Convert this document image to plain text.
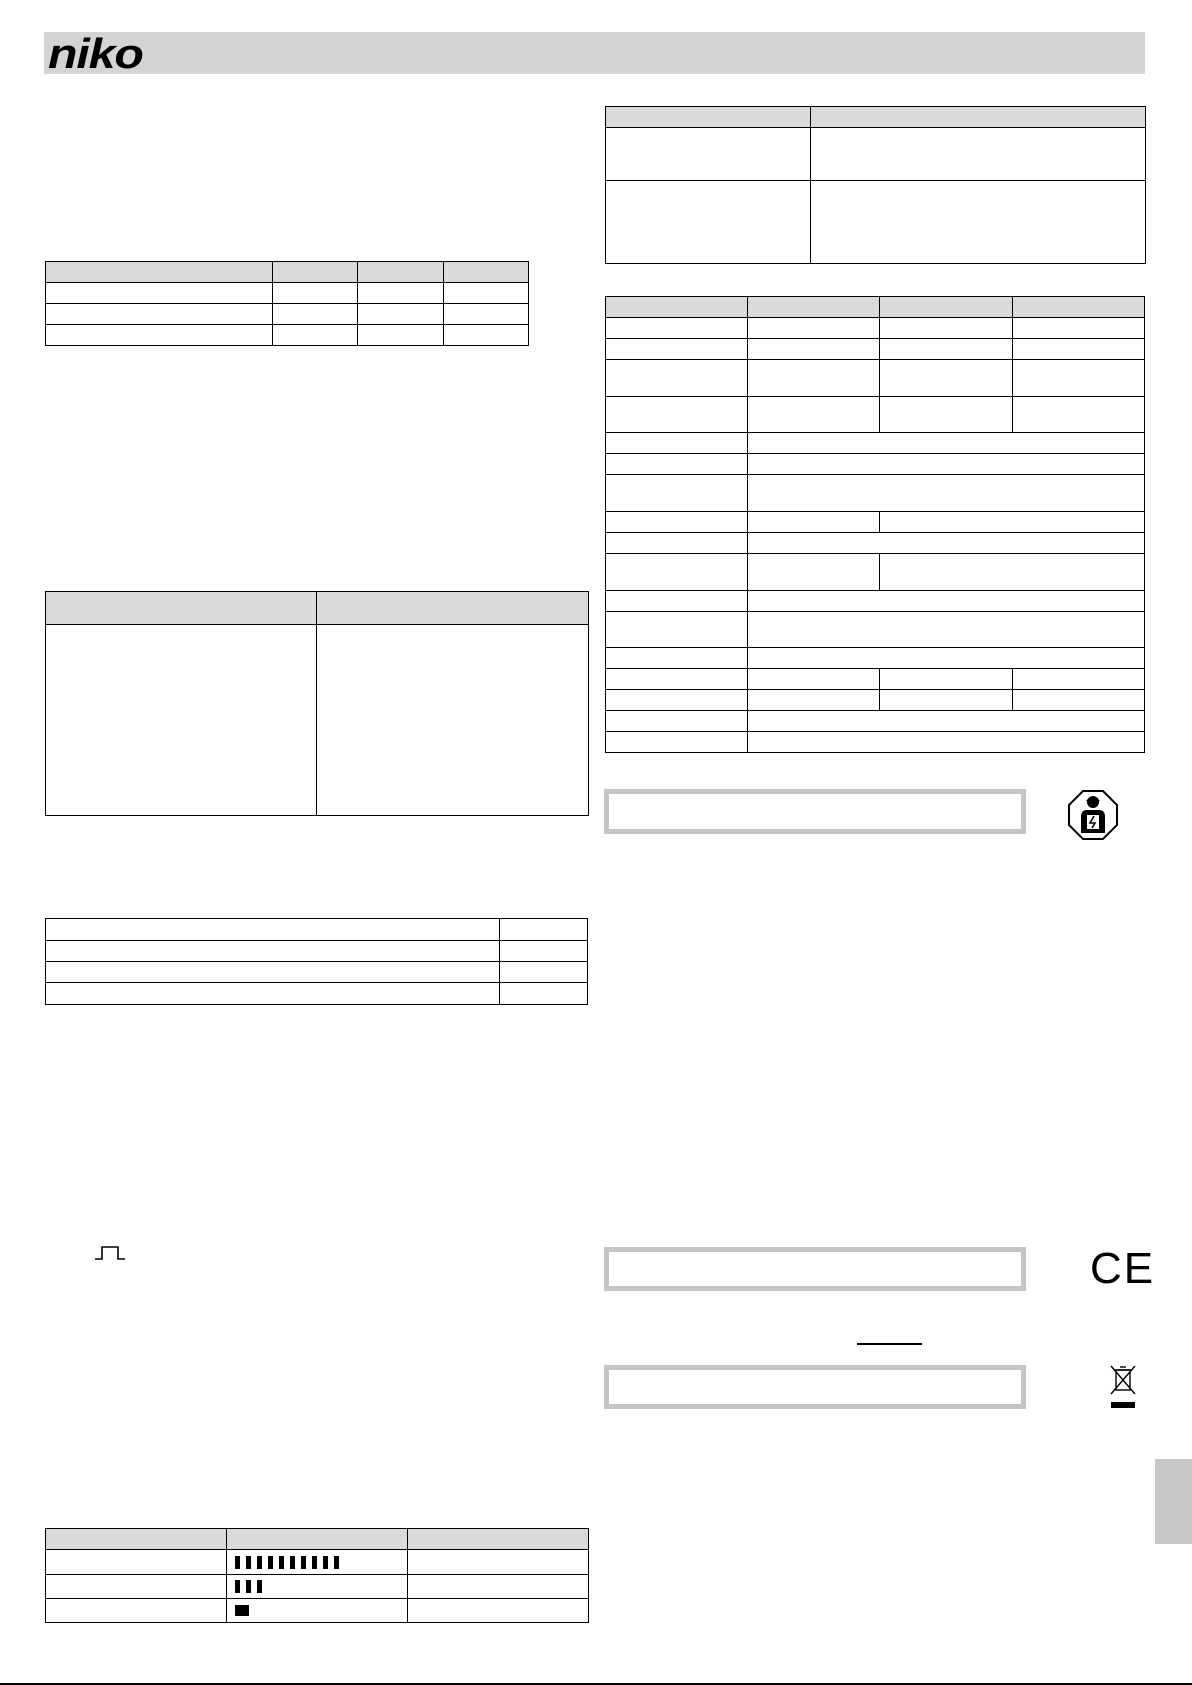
niko

CE
